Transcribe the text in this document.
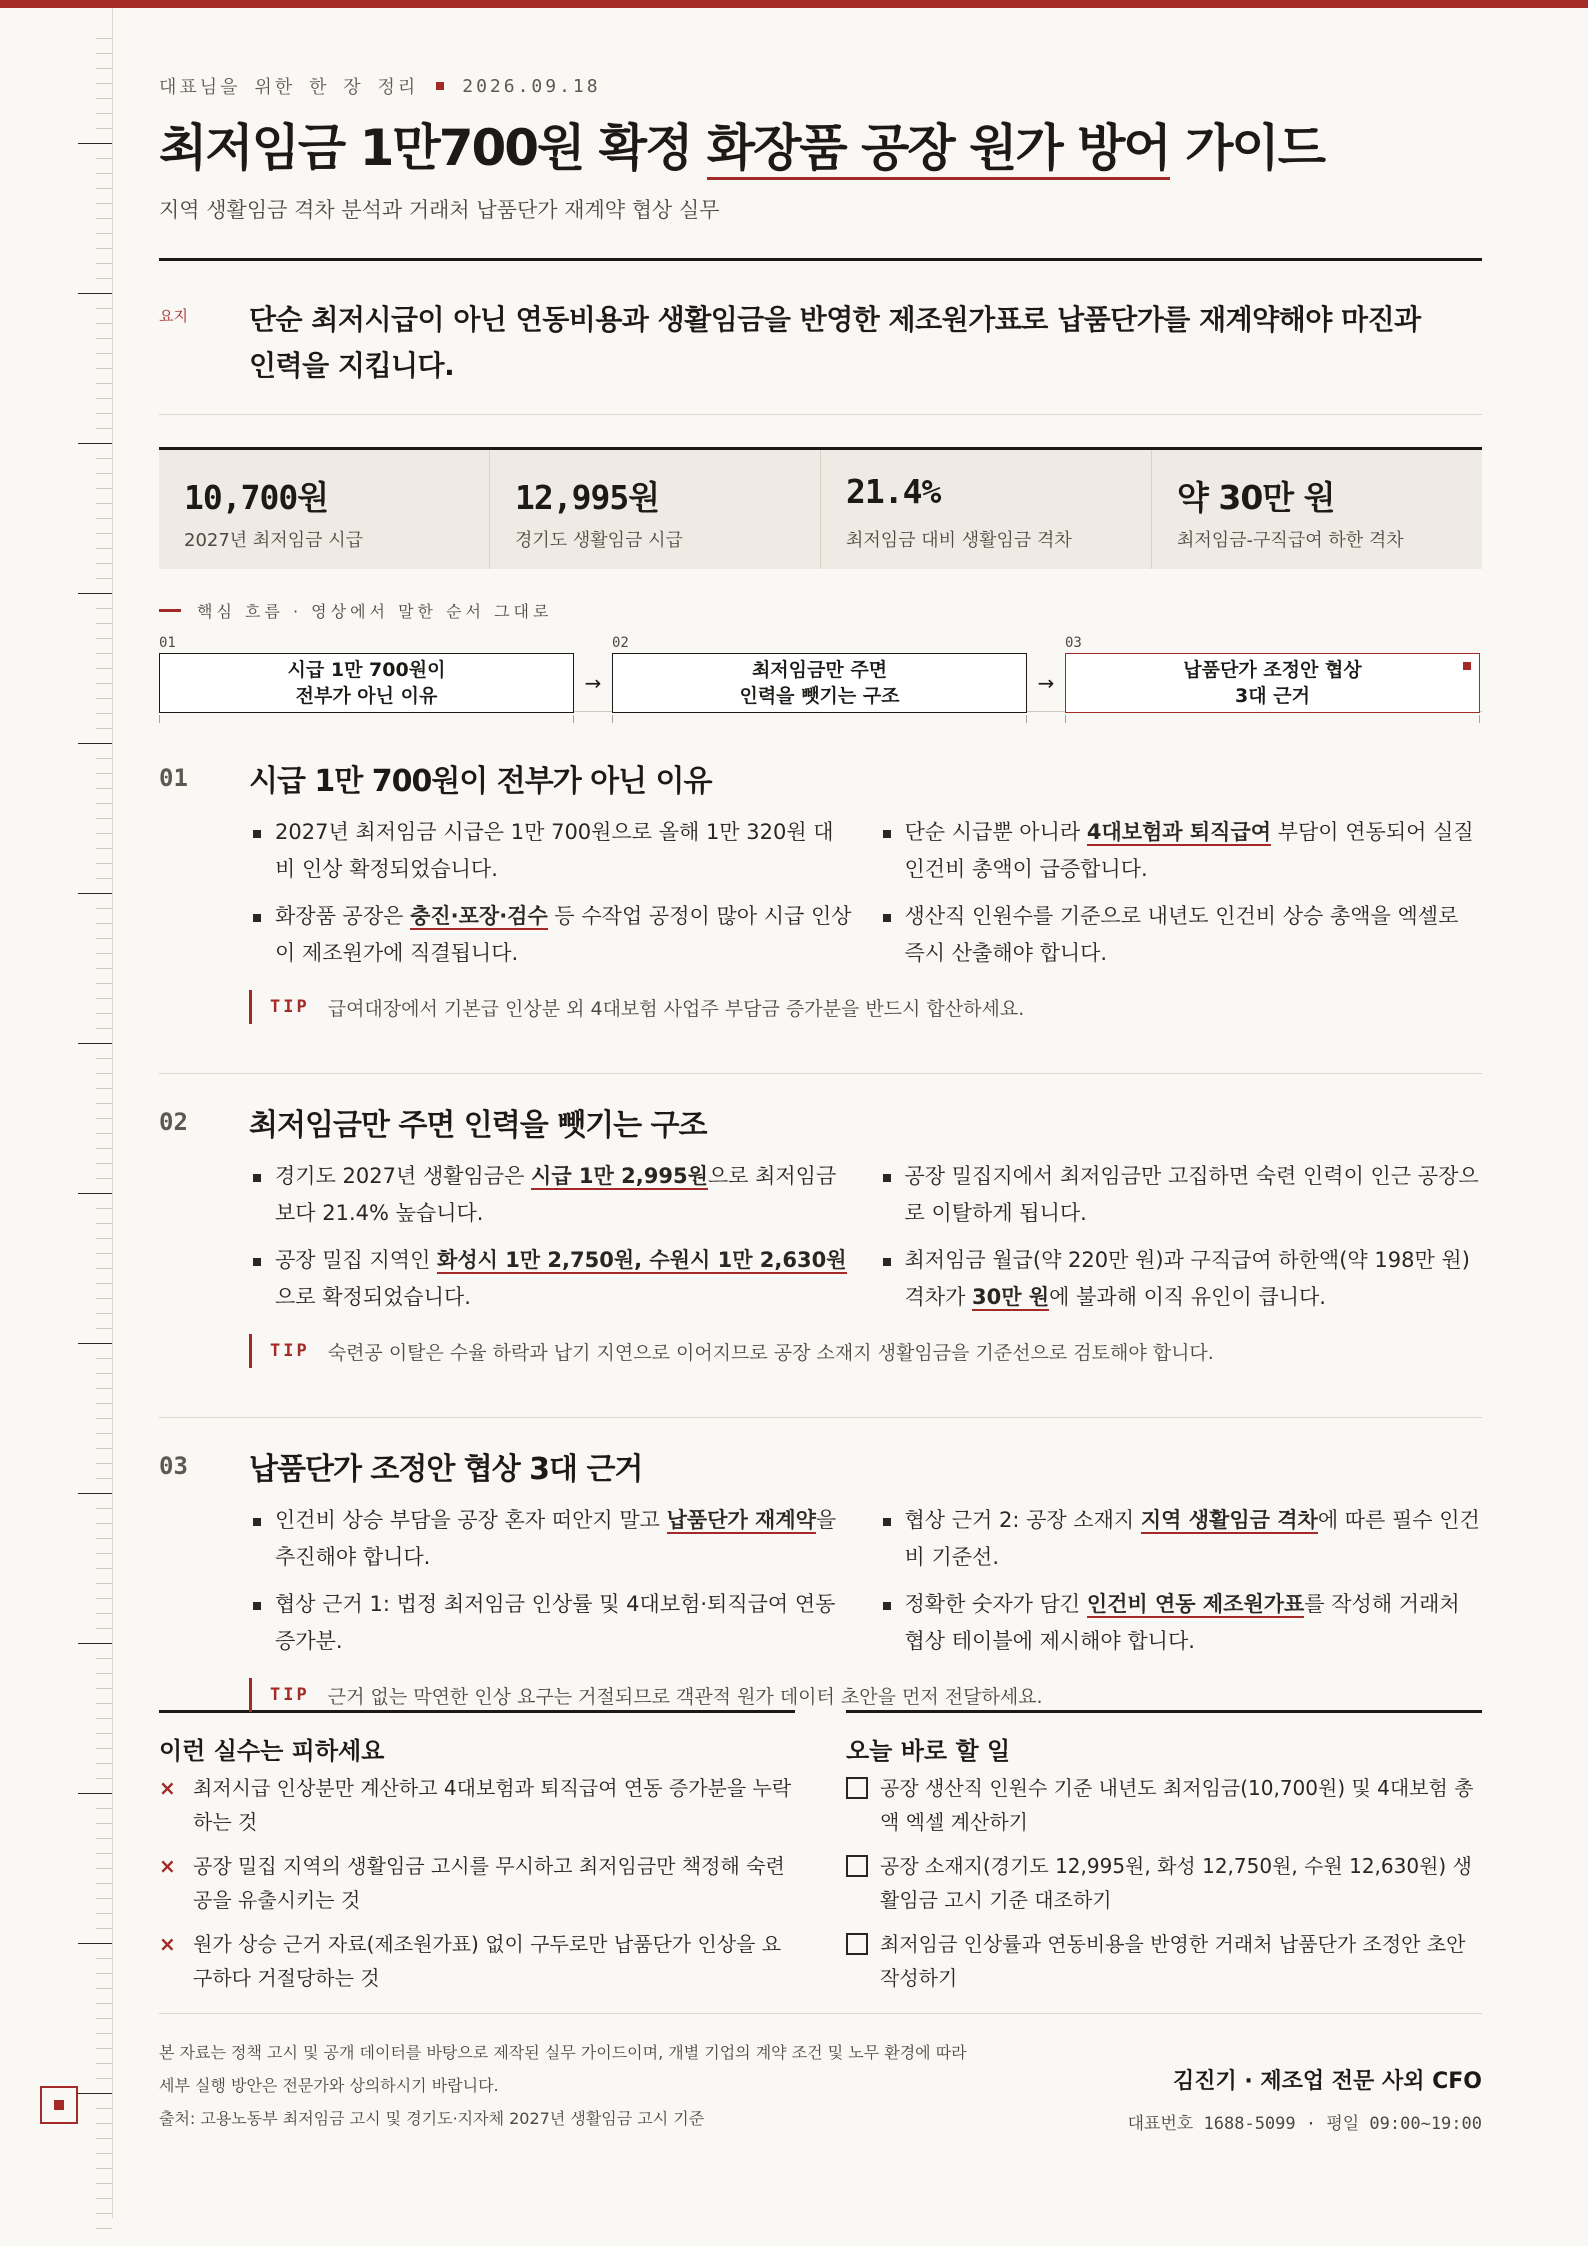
대표님을 위한 한 장 정리 2026.09.18
최저임금 1만700원 확정 화장품 공장 원가 방어 가이드
지역 생활임금 격차 분석과 거래처 납품단가 재계약 협상 실무
요지	단순 최저시급이 아닌 연동비용과 생활임금을 반영한 제조원가표로 납품단가를 재계약해야 마진과 인력을 지킵니다.
10,700원
2027년 최저임금 시급
12,995원
경기도 생활임금 시급
21.4%
최저임금 대비 생활임금 격차
약 30만 원
최저임금-구직급여 하한 격차
핵심 흐름 · 영상에서 말한 순서 그대로
01
시급 1만 700원이
전부가 아닌 이유
→
02
최저임금만 주면
인력을 뺏기는 구조
→
03
납품단가 조정안 협상
3대 근거
01	시급 1만 700원이 전부가 아닌 이유
2027년 최저임금 시급은 1만 700원으로 올해 1만 320원 대비 인상 확정되었습니다.
화장품 공장은 충진·포장·검수 등 수작업 공정이 많아 시급 인상이 제조원가에 직결됩니다.
단순 시급뿐 아니라 4대보험과 퇴직급여 부담이 연동되어 실질 인건비 총액이 급증합니다.
생산직 인원수를 기준으로 내년도 인건비 상승 총액을 엑셀로 즉시 산출해야 합니다.
TIP 급여대장에서 기본급 인상분 외 4대보험 사업주 부담금 증가분을 반드시 합산하세요.
02	최저임금만 주면 인력을 뺏기는 구조
경기도 2027년 생활임금은 시급 1만 2,995원으로 최저임금보다 21.4% 높습니다.
공장 밀집 지역인 화성시 1만 2,750원, 수원시 1만 2,630원으로 확정되었습니다.
공장 밀집지에서 최저임금만 고집하면 숙련 인력이 인근 공장으로 이탈하게 됩니다.
최저임금 월급(약 220만 원)과 구직급여 하한액(약 198만 원) 격차가 30만 원에 불과해 이직 유인이 큽니다.
TIP 숙련공 이탈은 수율 하락과 납기 지연으로 이어지므로 공장 소재지 생활임금을 기준선으로 검토해야 합니다.
03	납품단가 조정안 협상 3대 근거
인건비 상승 부담을 공장 혼자 떠안지 말고 납품단가 재계약을 추진해야 합니다.
협상 근거 1: 법정 최저임금 인상률 및 4대보험·퇴직급여 연동 증가분.
협상 근거 2: 공장 소재지 지역 생활임금 격차에 따른 필수 인건비 기준선.
정확한 숫자가 담긴 인건비 연동 제조원가표를 작성해 거래처 협상 테이블에 제시해야 합니다.
TIP 근거 없는 막연한 인상 요구는 거절되므로 객관적 원가 데이터 초안을 먼저 전달하세요.
이런 실수는 피하세요
× 최저시급 인상분만 계산하고 4대보험과 퇴직급여 연동 증가분을 누락하는 것
× 공장 밀집 지역의 생활임금 고시를 무시하고 최저임금만 책정해 숙련공을 유출시키는 것
× 원가 상승 근거 자료(제조원가표) 없이 구두로만 납품단가 인상을 요구하다 거절당하는 것
오늘 바로 할 일
공장 생산직 인원수 기준 내년도 최저임금(10,700원) 및 4대보험 총액 엑셀 계산하기
공장 소재지(경기도 12,995원, 화성 12,750원, 수원 12,630원) 생활임금 고시 기준 대조하기
최저임금 인상률과 연동비용을 반영한 거래처 납품단가 조정안 초안 작성하기
본 자료는 정책 고시 및 공개 데이터를 바탕으로 제작된 실무 가이드이며, 개별 기업의 계약 조건 및 노무 환경에 따라
세부 실행 방안은 전문가와 상의하시기 바랍니다.
출처: 고용노동부 최저임금 고시 및 경기도·지자체 2027년 생활임금 고시 기준
김진기 · 제조업 전문 사외 CFO
대표번호 1688-5099 · 평일 09:00~19:00
